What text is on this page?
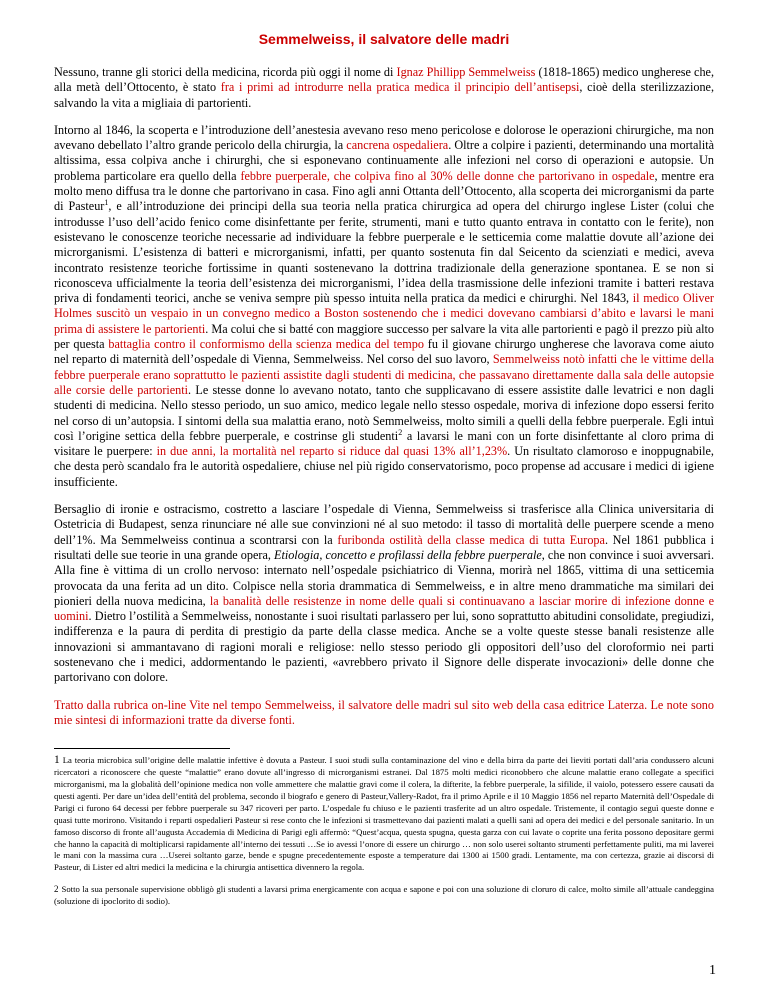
Semmelweiss, il salvatore delle madri

Nessuno, tranne gli storici della medicina, ricorda più oggi il nome di Ignaz Phillipp Semmelweiss (1818-1865) medico ungherese che, alla metà dell’Ottocento, è stato fra i primi ad introdurre nella pratica medica il principio dell’antisepsi, cioè della sterilizzazione, salvando la vita a migliaia di partorienti.

Intorno al 1846, la scoperta e l’introduzione dell’anestesia avevano reso meno pericolose e dolorose le operazioni chirurgiche, ma non avevano debellato l’altro grande pericolo della chirurgia, la cancrena ospedaliera. Oltre a colpire i pazienti, determinando una mortalità altissima, essa colpiva anche i chirurghi, che si esponevano continuamente alle infezioni nel corso di operazioni e autopsie. Un problema particolare era quello della febbre puerperale, che colpiva fino al 30% delle donne che partorivano in ospedale, mentre era molto meno diffusa tra le donne che partorivano in casa. Fino agli anni Ottanta dell’Ottocento, alla scoperta dei microrganismi da parte di Pasteur$^1$, e all’introduzione dei principi della sua teoria nella pratica chirurgica ad opera del chirurgo inglese Lister (colui che introdusse l’uso dell’acido fenico come disinfettante per ferite, strumenti, mani e tutto quanto entrava in contatto con le ferite), non esistevano le conoscenze teoriche necessarie ad individuare la febbre puerperale e le setticemia come malattie dovute all’azione dei microrganismi. L’esistenza di batteri e microrganismi, infatti, per quanto sostenuta fin dal Seicento da scienziati e medici, aveva incontrato resistenze teoriche fortissime in quanti sostenevano la dottrina tradizionale della generazione spontanea. E se non si riconosceva ufficialmente la teoria dell’esistenza dei microrganismi, l’idea della trasmissione delle infezioni tramite i batteri restava priva di fondamenti teorici, anche se veniva sempre più spesso intuita nella pratica da medici e chirurghi. Nel 1843, il medico Oliver Holmes suscitò un vespaio in un convegno medico a Boston sostenendo che i medici dovevano cambiarsi d’abito e lavarsi le mani prima di assistere le partorienti. Ma colui che si batté con maggiore successo per salvare la vita alle partorienti e pagò il prezzo più alto per questa battaglia contro il conformismo della scienza medica del tempo fu il giovane chirurgo ungherese che lavorava come aiuto nel reparto di maternità dell’ospedale di Vienna, Semmelweiss. Nel corso del suo lavoro, Semmelweiss notò infatti che le vittime della febbre puerperale erano soprattutto le pazienti assistite dagli studenti di medicina, che passavano direttamente dalla sala delle autopsie alle corsie delle partorienti. Le stesse donne lo avevano notato, tanto che supplicavano di essere assistite dalle levatrici e non dagli studenti di medicina. Nello stesso periodo, un suo amico, medico legale nello stesso ospedale, moriva di infezione dopo essersi ferito nel corso di un’autopsia. I sintomi della sua malattia erano, notò Semmelweiss, molto simili a quelli della febbre puerperale. Egli intuì così l’origine settica della febbre puerperale, e costrinse gli studenti$^2$ a lavarsi le mani con un forte disinfettante al cloro prima di visitare le puerpere: in due anni, la mortalità nel reparto si riduce dal quasi 13% all’1,23%. Un risultato clamoroso e inoppugnabile, che desta però scandalo fra le autorità ospedaliere, chiuse nel più rigido conservatorismo, poco propense ad accusare i medici di igiene insufficiente.

Bersaglio di ironie e ostracismo, costretto a lasciare l’ospedale di Vienna, Semmelweiss si trasferisce alla Clinica universitaria di Ostetricia di Budapest, senza rinunciare né alle sue convinzioni né al suo metodo: il tasso di mortalità delle puerpere scende a meno dell’1%. Ma Semmelweiss continua a scontrarsi con la furibonda ostilità della classe medica di tutta Europa. Nel 1861 pubblica i risultati delle sue teorie in una grande opera, Etiologia, concetto e profilassi della febbre puerperale, che non convince i suoi avversari. Alla fine è vittima di un crollo nervoso: internato nell’ospedale psichiatrico di Vienna, morirà nel 1865, vittima di una setticemia provocata da una ferita ad un dito. Colpisce nella storia drammatica di Semmelweiss, e in altre meno drammatiche ma similari dei pionieri della nuova medicina, la banalità delle resistenze in nome delle quali si continuavano a lasciar morire di infezione donne e uomini. Dietro l’ostilità a Semmelweiss, nonostante i suoi risultati parlassero per lui, sono soprattutto abitudini consolidate, pregiudizi, indifferenza e la paura di perdita di prestigio da parte della classe medica. Anche se a volte queste stesse banali resistenze alle innovazioni si ammantavano di ragioni morali e religiose: nello stesso periodo gli oppositori dell’uso del cloroformio nei parti sostenevano che i medici, addormentando le pazienti, «avrebbero privato il Signore delle disperate invocazioni» delle donne che partorivano con dolore.

Tratto dalla rubrica on-line Vite nel tempo Semmelweiss, il salvatore delle madri sul sito web della casa editrice Laterza. Le note sono mie sintesi di informazioni tratte da diverse fonti.

1 La teoria microbica sull’origine delle malattie infettive è dovuta a Pasteur. I suoi studi sulla contaminazione del vino e della birra da parte dei lieviti portati dall’aria condussero alcuni ricercatori a riconoscere che queste “malattie” erano dovute all’ingresso di microrganismi estranei. Dal 1875 molti medici riconobbero che alcune malattie erano collegate a specifici microrganismi, ma la globalità dell’opinione medica non volle ammettere che malattie gravi come il colera, la difterite, la febbre puerperale, la sifilide, il vaiolo, potessero essere causati da questi agenti. Per dare un’idea dell’entità del problema, secondo il biografo e genero di Pasteur,Vallery-Radot, fra il primo Aprile e il 10 Maggio 1856 nel reparto Maternità dell’Ospedale di Parigi ci furono 64 decessi per febbre puerperale su 347 ricoveri per parto. L’ospedale fu chiuso e le pazienti trasferite ad un altro ospedale. Tristemente, il contagio seguì queste donne e quasi tutte morirono. Visitando i reparti ospedalieri Pasteur si rese conto che le infezioni si trasmettevano dai pazienti malati a quelli sani ad opera dei medici e del personale sanitario. In un famoso discorso di fronte all’augusta Accademia di Medicina di Parigi egli affermò: “Quest’acqua, questa spugna, questa garza con cui lavate o coprite una ferita possono depositare germi che hanno la capacità di moltiplicarsi rapidamente all’interno dei tessuti …Se io avessi l’onore di essere un chirurgo … non solo userei soltanto strumenti perfettamente puliti, ma mi laverei le mani con la massima cura …Userei soltanto garze, bende e spugne precedentemente esposte a temperature dai 1300 ai 1500 gradi. Lentamente, ma con certezza, grazie ai discorsi di Pasteur, di Lister ed altri medici la medicina e la chirurgia antisettica divennero la regola.

2 Sotto la sua personale supervisione obbligò gli studenti a lavarsi prima energicamente con acqua e sapone e poi con una soluzione di cloruro di calce, molto simile all’attuale candeggina (soluzione di ipoclorito di sodio).

1
